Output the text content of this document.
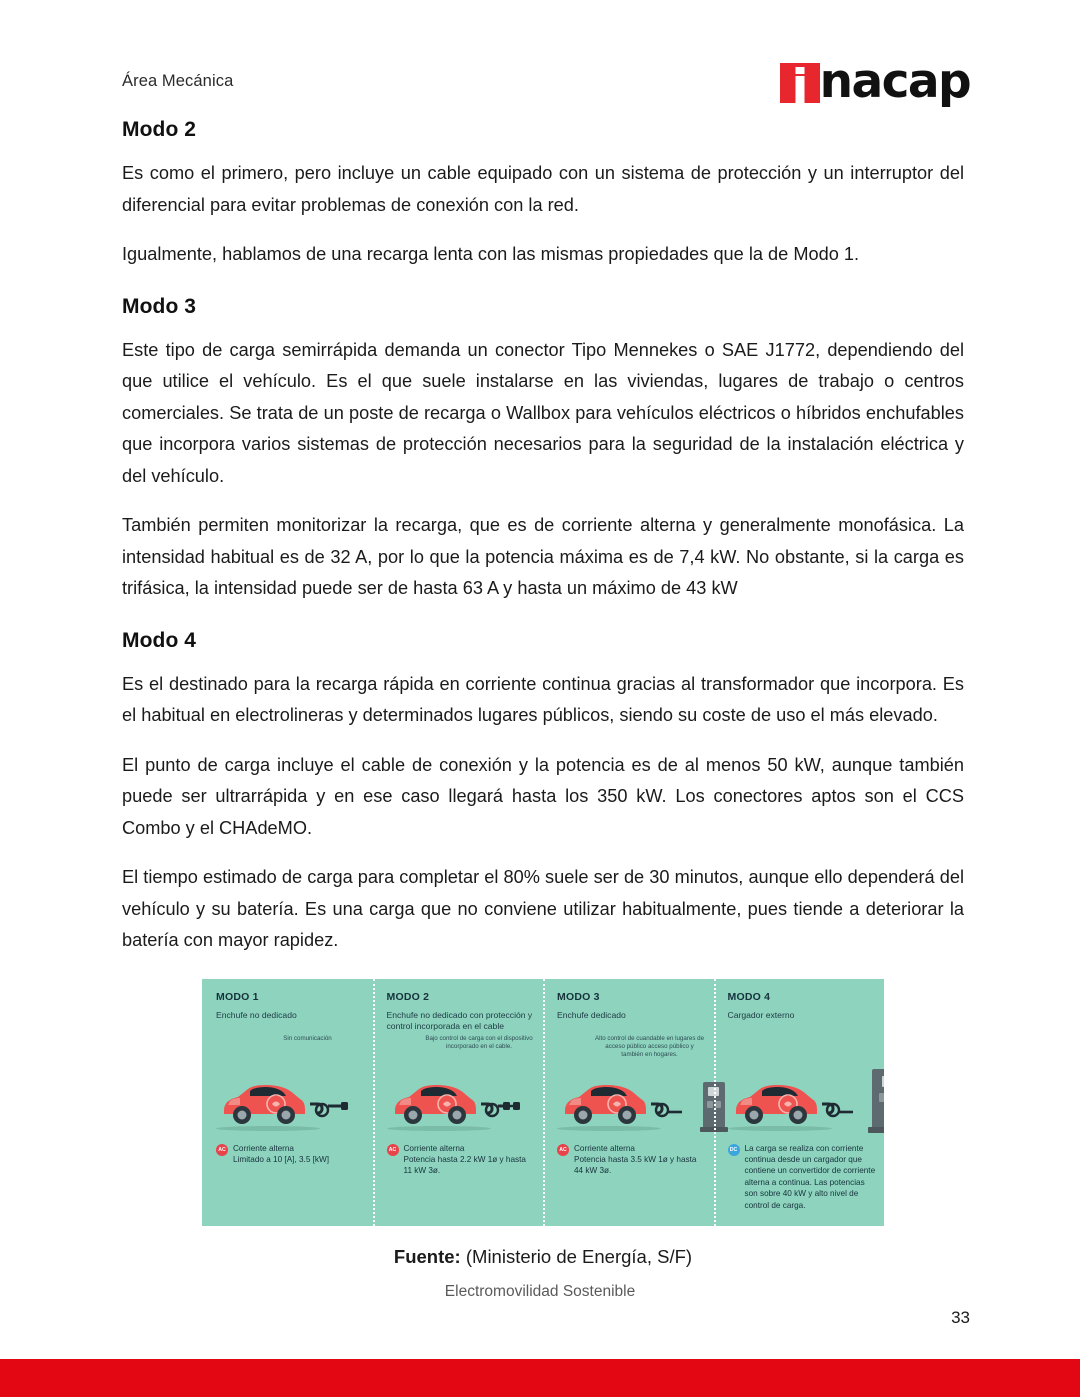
Área Mecánica	nacap
Modo 2

Es como el primero, pero incluye un cable equipado con un sistema de protección y un interruptor del diferencial para evitar problemas de conexión con la red.

Igualmente, hablamos de una recarga lenta con las mismas propiedades que la de Modo 1.

Modo 3

Este tipo de carga semirrápida demanda un conector Tipo Mennekes o SAE J1772, dependiendo del que utilice el vehículo. Es el que suele instalarse en las viviendas, lugares de trabajo o centros comerciales. Se trata de un poste de recarga o Wallbox para vehículos eléctricos o híbridos enchufables que incorpora varios sistemas de protección necesarios para la seguridad de la instalación eléctrica y del vehículo.

También permiten monitorizar la recarga, que es de corriente alterna y generalmente monofásica. La intensidad habitual es de 32 A, por lo que la potencia máxima es de 7,4 kW. No obstante, si la carga es trifásica, la intensidad puede ser de hasta 63 A y hasta un máximo de 43 kW

Modo 4

Es el destinado para la recarga rápida en corriente continua gracias al transformador que incorpora. Es el habitual en electrolineras y determinados lugares públicos, siendo su coste de uso el más elevado.

El punto de carga incluye el cable de conexión y la potencia es de al menos 50 kW, aunque también puede ser ultrarrápida y en ese caso llegará hasta los 350 kW. Los conectores aptos son el CCS Combo y el CHAdeMO.

El tiempo estimado de carga para completar el 80% suele ser de 30 minutos, aunque ello dependerá del vehículo y su batería. Es una carga que no conviene utilizar habitualmente, pues tiende a deteriorar la batería con mayor rapidez.

MODO 1
Enchufe no dedicado
Sin comunicación
AC Corriente alterna
Limitado a 10 [A], 3.5 [kW]
MODO 2
Enchufe no dedicado con protección y control incorporada en el cable
Bajo control de carga con el dispositivo incorporado en el cable.
AC Corriente alterna
Potencia hasta 2.2 kW 1ø y hasta 11 kW 3ø.
MODO 3
Enchufe dedicado
Alto control de cuandable en lugares de acceso público acceso público y también en hogares.
AC Corriente alterna
Potencia hasta 3.5 kW 1ø y hasta 44 kW 3ø.
MODO 4
Cargador externo
DC La carga se realiza con corriente continua desde un cargador que contiene un convertidor de corriente alterna a continua. Las potencias son sobre 40 kW y alto nivel de control de carga.
Fuente: (Ministerio de Energía, S/F)
Electromovilidad Sostenible
33
